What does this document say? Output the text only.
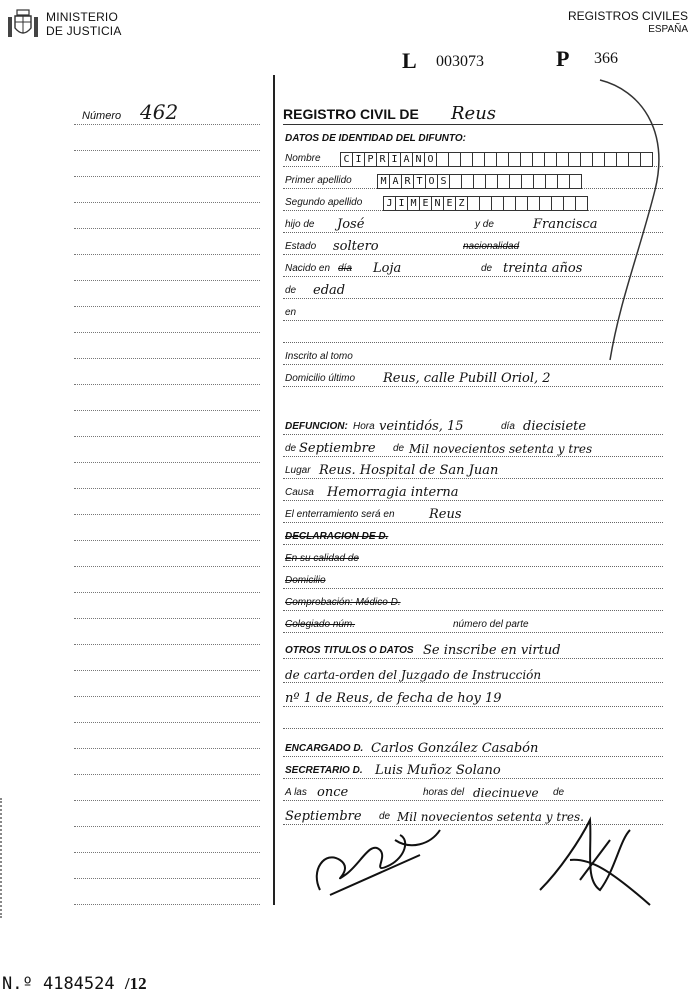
MINISTERIO
DE JUSTICIA
REGISTROS CIVILES
ESPAÑA
L 003073	P 366
Número 462	REGISTRO CIVIL DE Reus
DATOS DE IDENTIDAD DEL DIFUNTO:
Nombre	C I P R I A N O
Primer apellido	M A R T O S
Segundo apellido	J I M E N E Z
hijo de José	y de	Francisca
Estado soltero	nacionalidad
Nacido en día Loja	de treinta años
de edad
en
Inscrito al tomo
Domicilio último Reus, calle Pubill Oriol, 2
DEFUNCION: Hora veintidós, 15	día diecisiete
de Septiembre de Mil novecientos setenta y tres
Lugar Reus. Hospital de San Juan
Causa Hemorragia interna
El enterramiento será en	Reus
DECLARACION DE D.
En su calidad de
Domicilio
Comprobación: Médico D.
Colegiado núm.	número del parte
OTROS TITULOS O DATOS Se inscribe en virtud
de carta-orden del Juzgado de Instrucción
nº 1 de Reus, de fecha de hoy 19
ENCARGADO D. Carlos González Casabón
SECRETARIO D. Luis Muñoz Solano
A las once	horas del diecinueve de
Septiembre de Mil novecientos setenta y tres.
N.º 4184524 /12
